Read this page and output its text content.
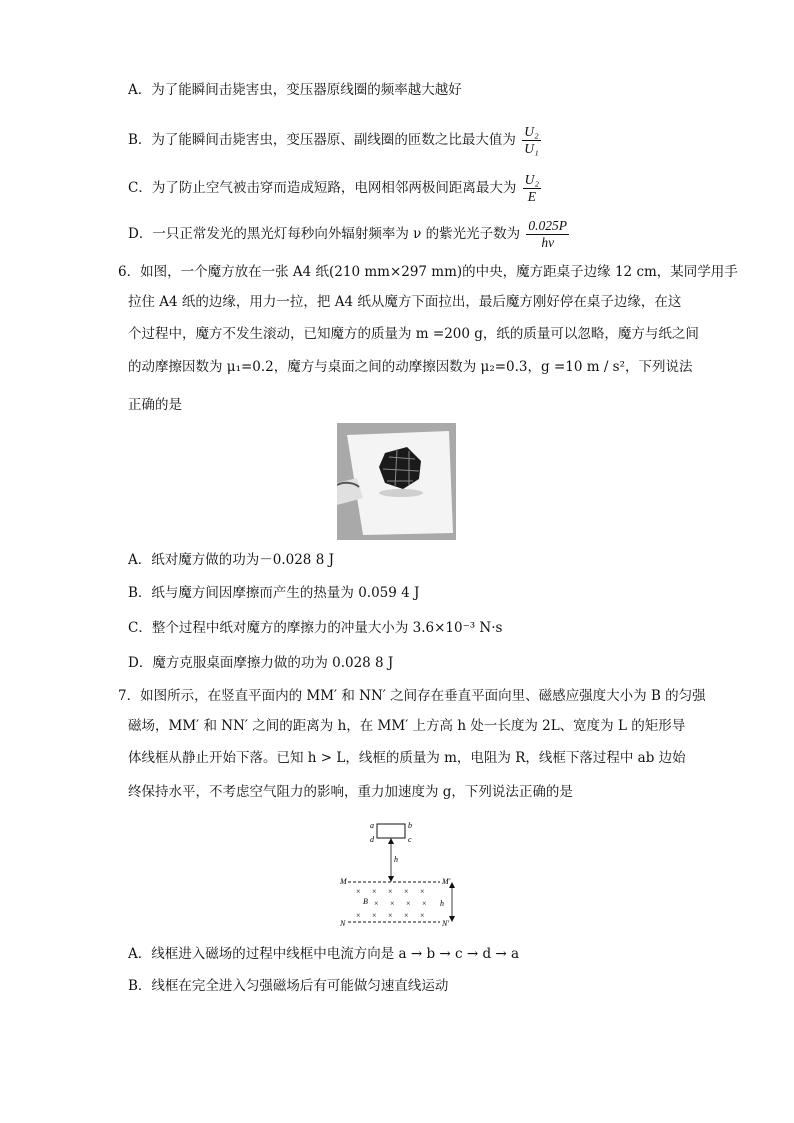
A．为了能瞬间击毙害虫，变压器原线圈的频率越大越好
B．为了能瞬间击毙害虫，变压器原、副线圈的匝数之比最大值为 $\frac{\text{U₂}}{\text{U₁}}$
C．为了防止空气被击穿而造成短路，电网相邻两极间距离最大为 $\frac{\text{U₂}}{E}$
D．一只正常发光的黑光灯每秒向外辐射频率为 ν 的紫光光子数为 $\frac{0.025P}{h\nu}$
6．如图，一个魔方放在一张 A4 纸(210 mm×297 mm)的中央，魔方距桌子边缘 12 cm，某同学用手
拉住 A4 纸的边缘，用力一拉，把 A4 纸从魔方下面拉出，最后魔方刚好停在桌子边缘，在这
个过程中，魔方不发生滚动，已知魔方的质量为 m =200 g，纸的质量可以忽略，魔方与纸之间
的动摩擦因数为 μ₁=0.2，魔方与桌面之间的动摩擦因数为 μ₂=0.3，g =10 m / s²，下列说法
正确的是
A．纸对魔方做的功为－0.028 8 J
B．纸与魔方间因摩擦而产生的热量为 0.059 4 J
C．整个过程中纸对魔方的摩擦力的冲量大小为 3.6×10⁻³ N·s
D．魔方克服桌面摩擦力做的功为 0.028 8 J
7．如图所示，在竖直平面内的 MM′ 和 NN′ 之间存在垂直平面向里、磁感应强度大小为 B 的匀强
磁场，MM′ 和 NN′ 之间的距离为 h，在 MM′ 上方高 h 处一长度为 2L、宽度为 L 的矩形导
体线框从静止开始下落。已知 h > L，线框的质量为 m，电阻为 R，线框下落过程中 ab 边始
终保持水平，不考虑空气阻力的影响，重力加速度为 g，下列说法正确的是
a	b
d	c
h
M	M′
N	N′
h
B
× × × × ×
× × × ×
× × × × ×
A．线框进入磁场的过程中线框中电流方向是 a → b → c → d → a
B．线框在完全进入匀强磁场后有可能做匀速直线运动
